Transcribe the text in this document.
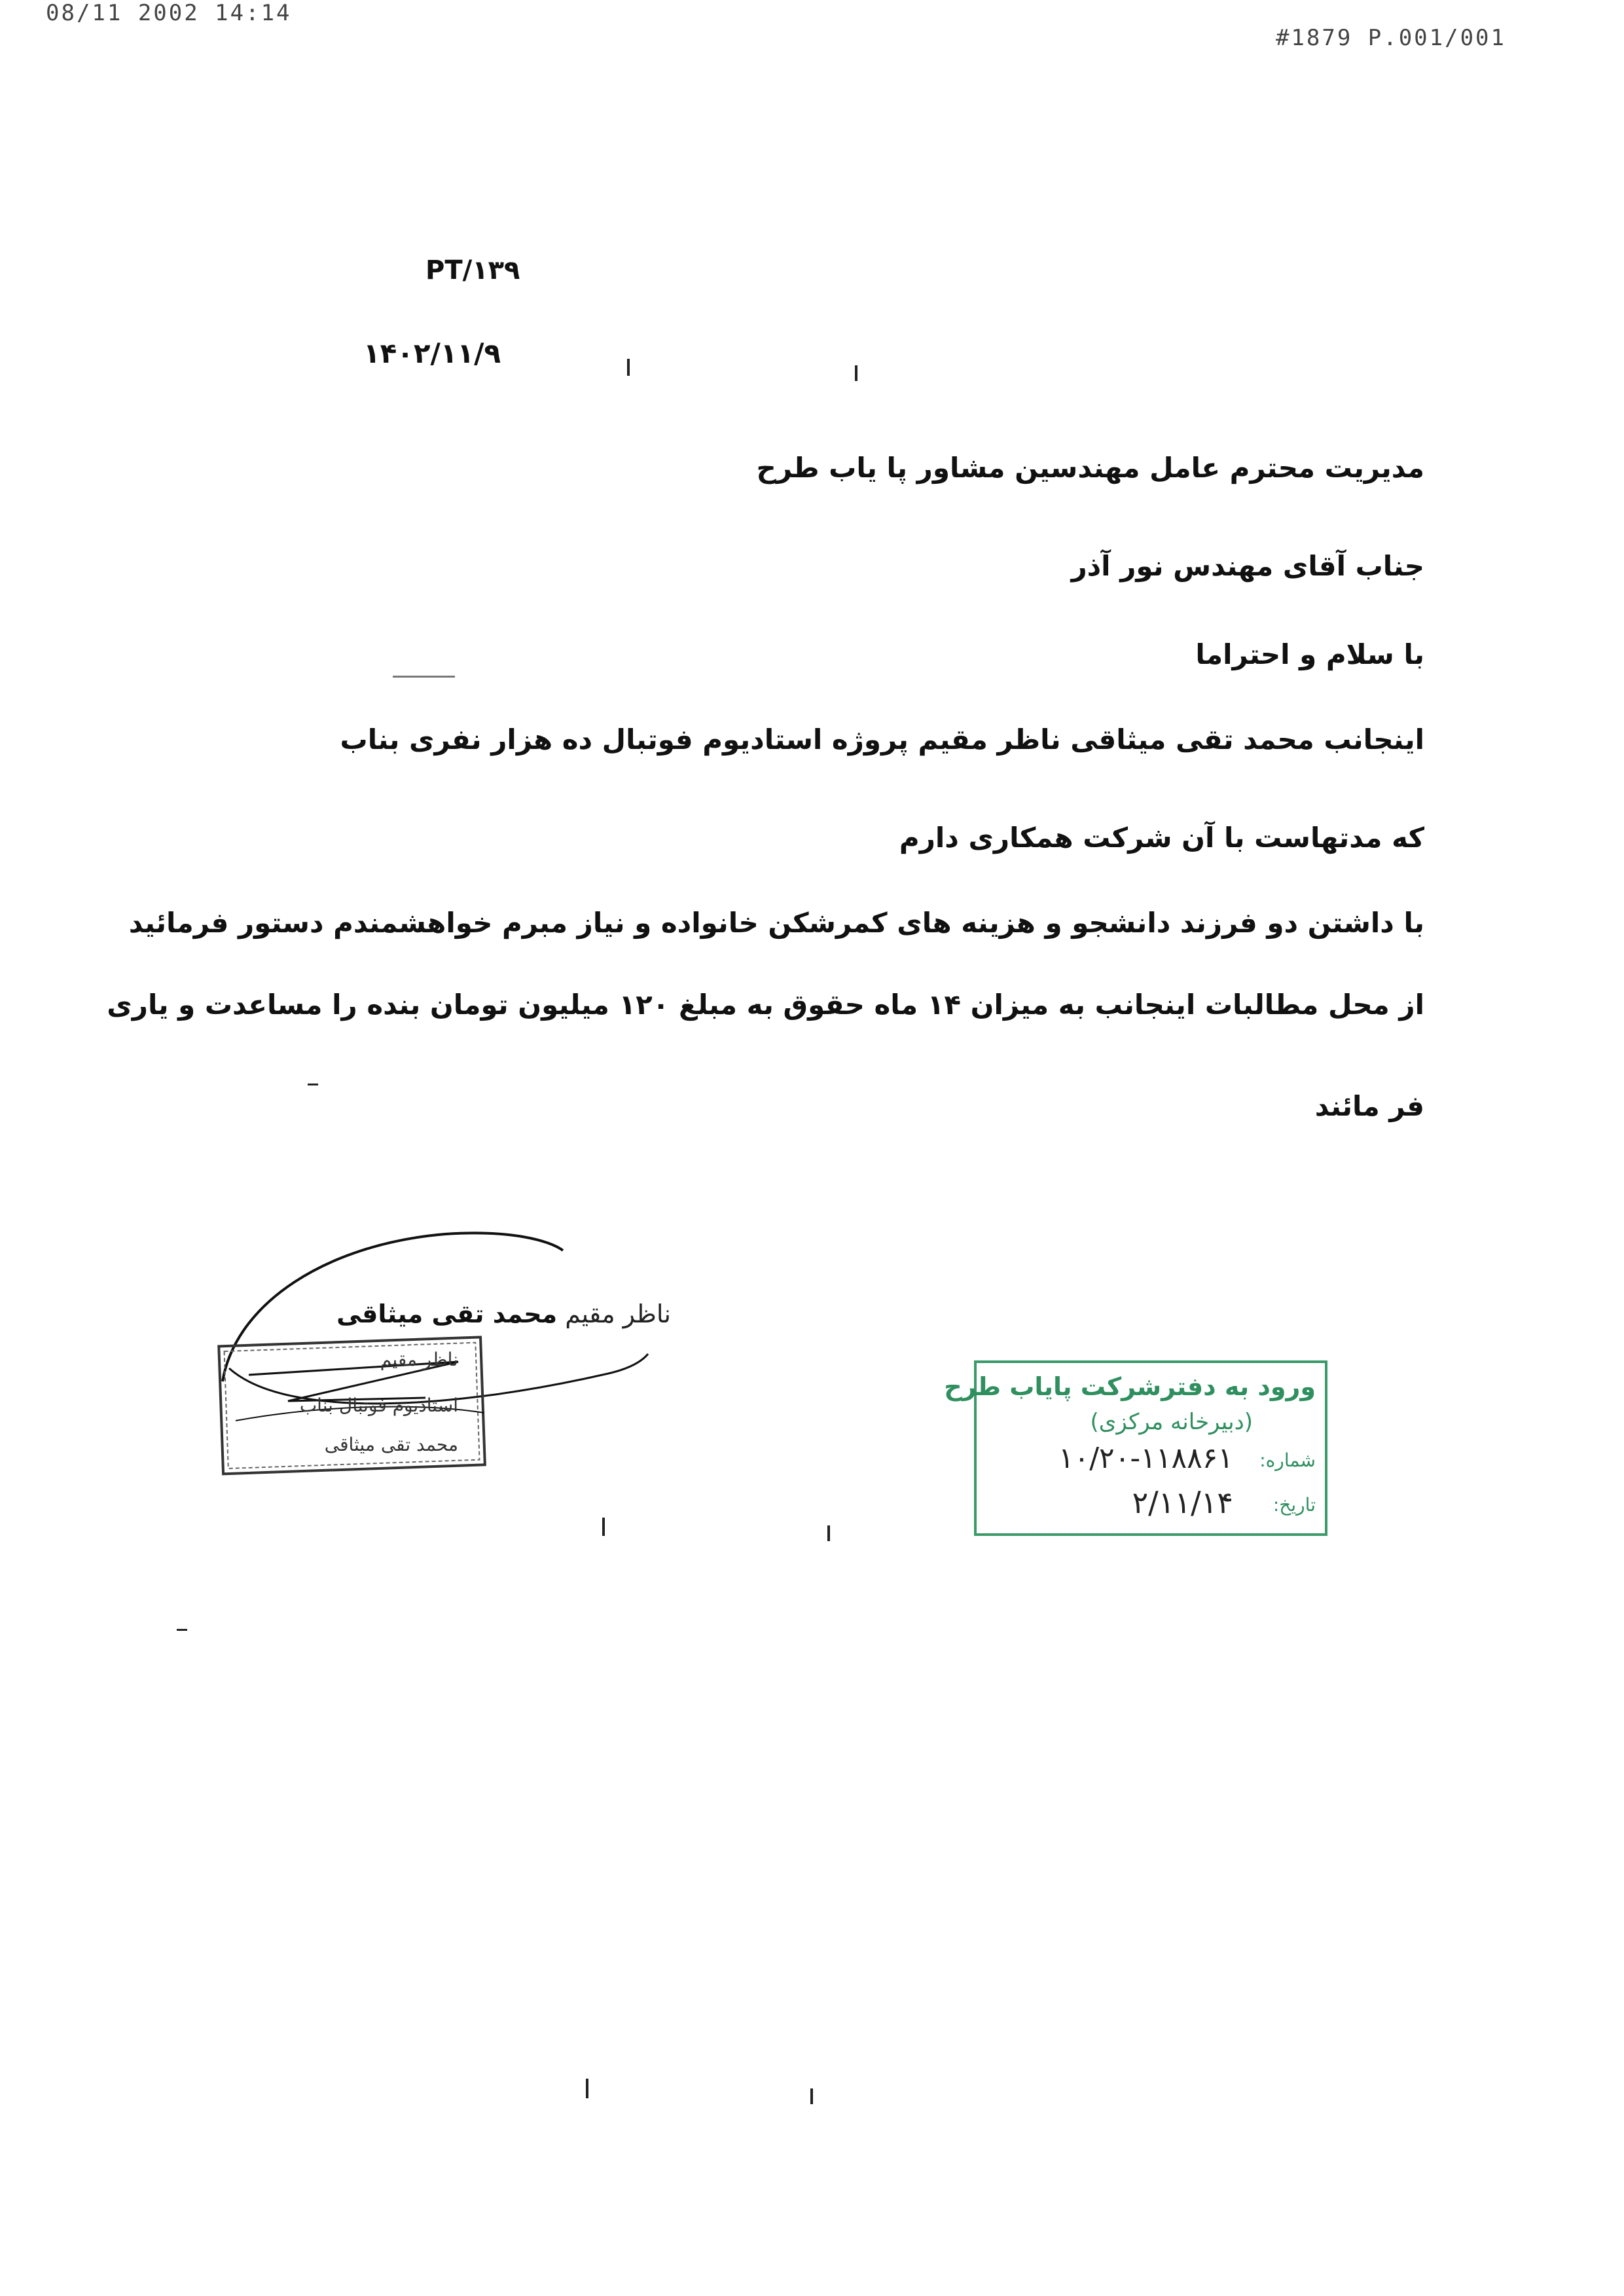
08/11 2002 14:14
#1879 P.001/001
PT/۱۳۹
۱۴۰۲/۱۱/۹
مدیریت محترم عامل مهندسین مشاور پا یاب طرح
جناب آقای مهندس نور آذر
با سلام و احتراما
اینجانب محمد تقی میثاقی ناظر مقیم پروژه استادیوم فوتبال ده هزار نفری بناب
که مدتهاست با آن شرکت همکاری دارم
با داشتن دو فرزند دانشجو و هزینه های کمرشکن خانواده و نیاز مبرم خواهشمندم دستور فرمائید
از محل مطالبات اینجانب به میزان ۱۴ ماه حقوق به مبلغ ۱۲۰ میلیون تومان بنده را مساعدت و یاری
فر مائند
ناظر مقیم
استادیوم فوتبال بناب
محمد تقی میثاقی
ناظر مقیم محمد تقی میثاقی
ورود به دفترشرکت پایاب طرح
(دبیرخانه مرکزی)
شماره:
۱۰/۲۰-۱۱۸۸۶۱
تاریخ:
۲/۱۱/۱۴
